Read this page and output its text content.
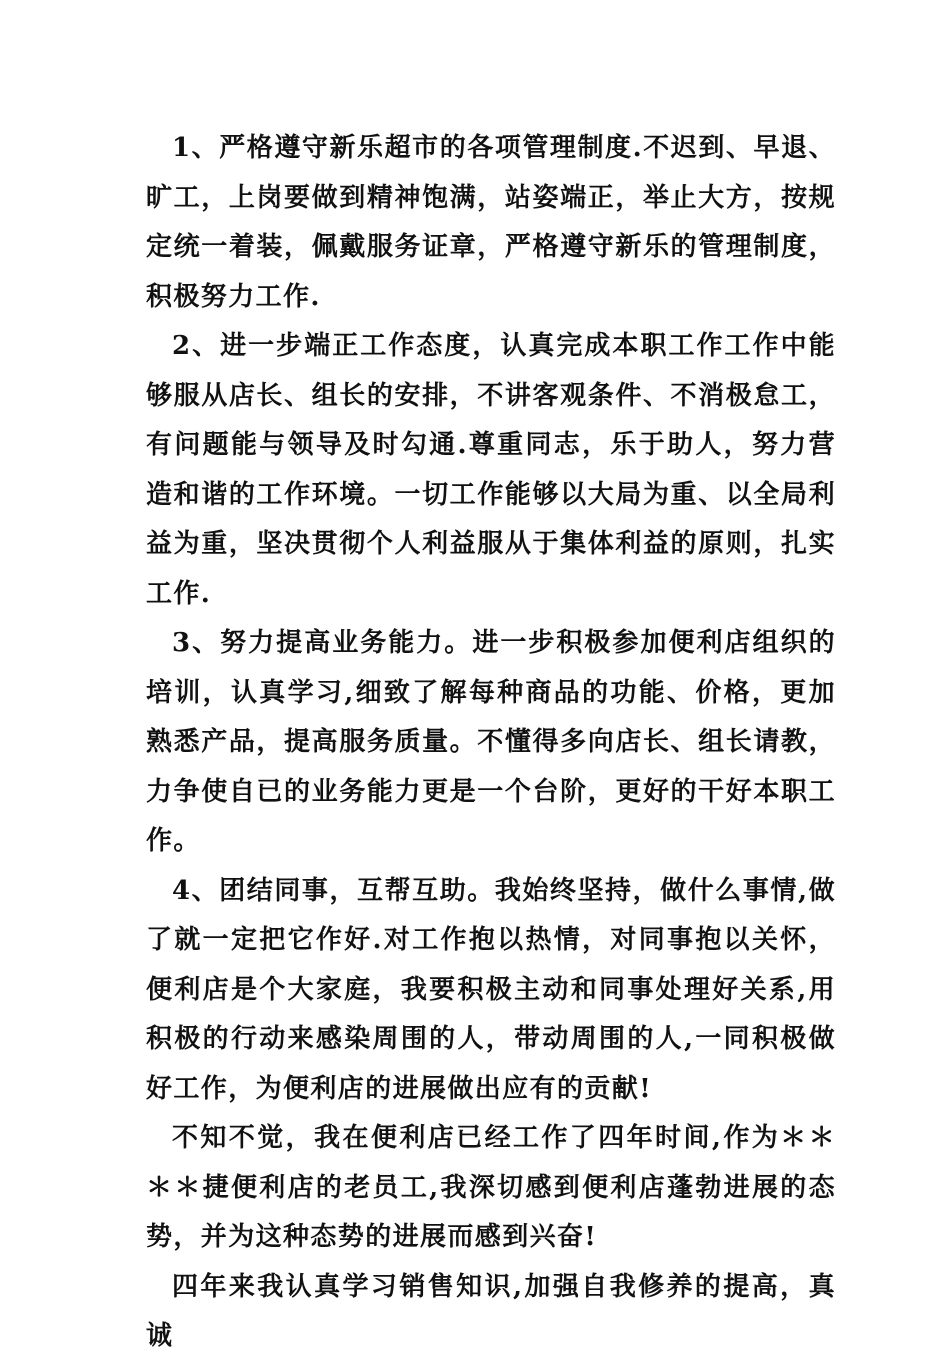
1、严格遵守新乐超市的各项管理制度.不迟到、早退、旷工，上岗要做到精神饱满，站姿端正，举止大方，按规定统一着装，佩戴服务证章，严格遵守新乐的管理制度，积极努力工作.

2、进一步端正工作态度，认真完成本职工作工作中能够服从店长、组长的安排，不讲客观条件、不消极怠工，有问题能与领导及时勾通.尊重同志，乐于助人，努力营造和谐的工作环境。一切工作能够以大局为重、以全局利益为重，坚决贯彻个人利益服从于集体利益的原则，扎实工作.

3、努力提高业务能力。进一步积极参加便利店组织的培训，认真学习,细致了解每种商品的功能、价格，更加熟悉产品，提高服务质量。不懂得多向店长、组长请教，力争使自已的业务能力更是一个台阶，更好的干好本职工作。

4、团结同事，互帮互助。我始终坚持，做什么事情,做了就一定把它作好.对工作抱以热情，对同事抱以关怀，便利店是个大家庭，我要积极主动和同事处理好关系,用积极的行动来感染周围的人，带动周围的人,一同积极做好工作，为便利店的进展做出应有的贡献!

不知不觉，我在便利店已经工作了四年时间,作为＊＊＊＊捷便利店的老员工,我深切感到便利店蓬勃进展的态势，并为这种态势的进展而感到兴奋!

四年来我认真学习销售知识,加强自我修养的提高，真诚
